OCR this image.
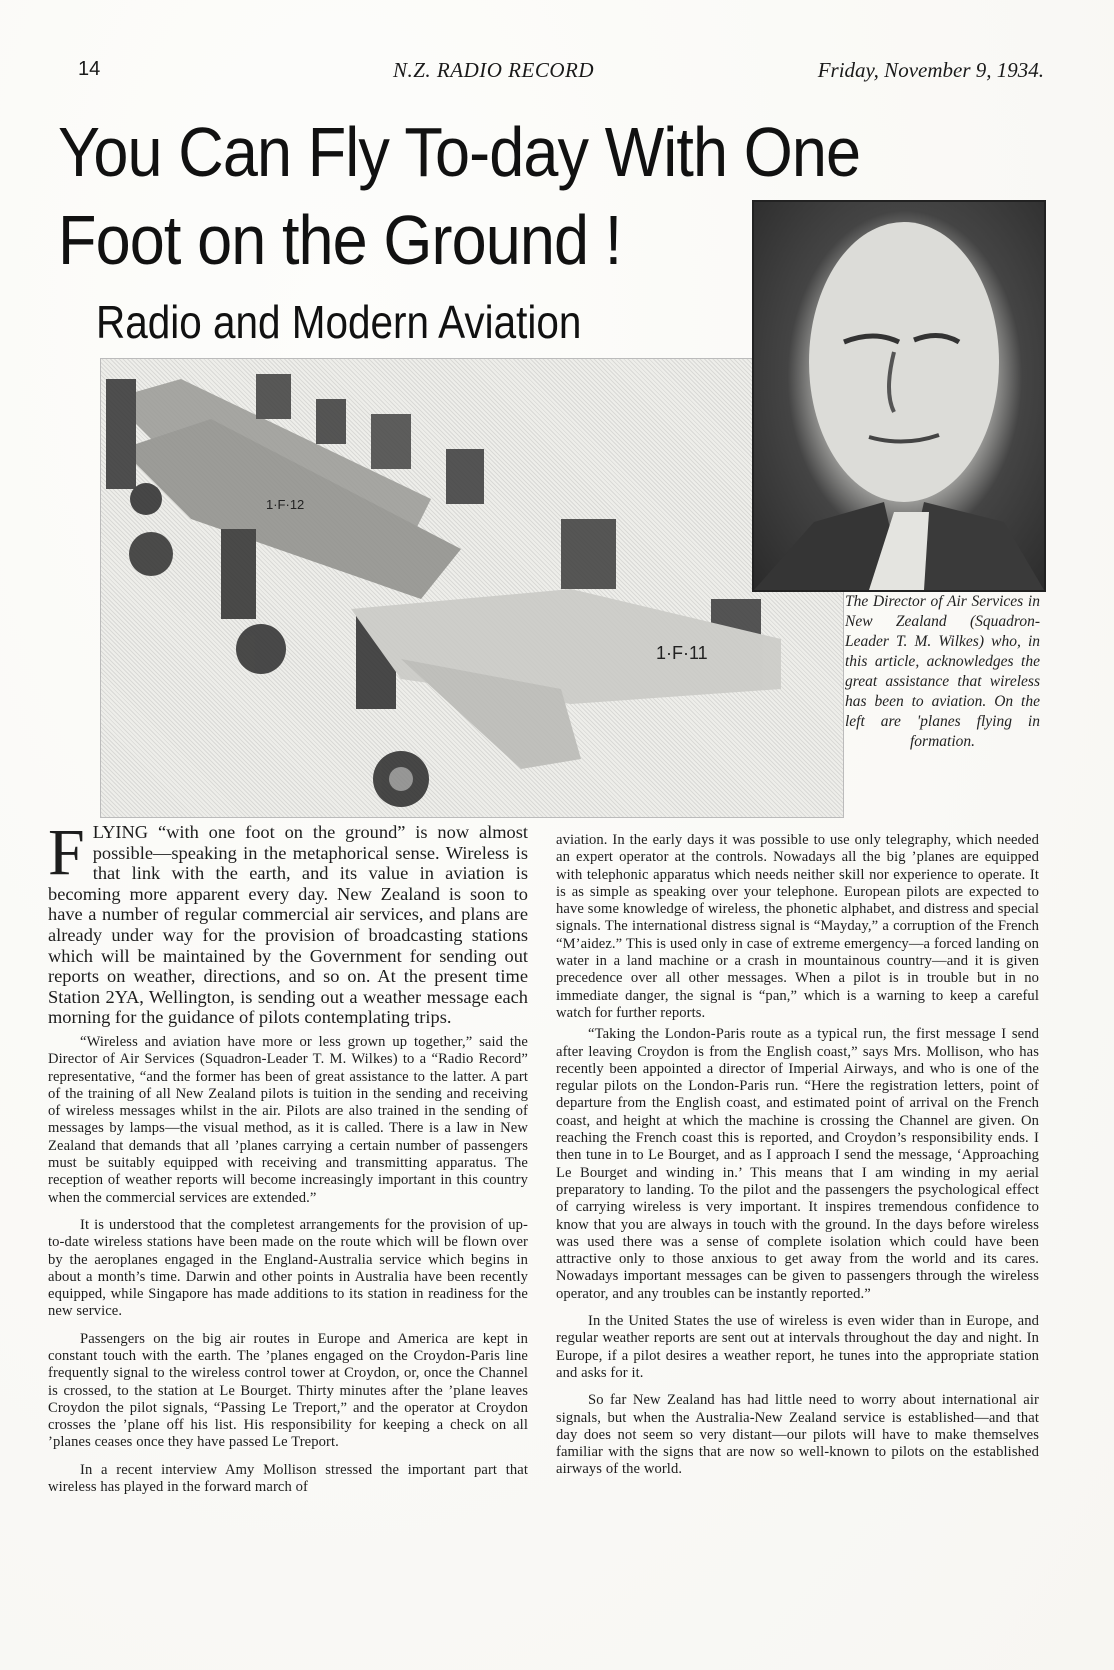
14	N.Z. RADIO RECORD	Friday, November 9, 1934.
You Can Fly To-day With One
Foot on the Ground !
Radio and Modern Aviation
1·F·11
1·F·12
The Director of Air Services in New Zealand (Squadron-Leader T. M. Wilkes) who, in this article, acknowledges the great assistance that wireless has been to aviation. On the left are 'planes flying in formation.

FLYING “with one foot on the ground” is now almost possible—speaking in the metaphorical sense. Wireless is that link with the earth, and its value in aviation is becoming more apparent every day. New Zealand is soon to have a number of regular commercial air services, and plans are already under way for the provision of broadcasting stations which will be maintained by the Government for sending out reports on weather, directions, and so on. At the present time Station 2YA, Wellington, is sending out a weather message each morning for the guidance of pilots contemplating trips.

“Wireless and aviation have more or less grown up together,” said the Director of Air Services (Squadron-Leader T. M. Wilkes) to a “Radio Record” representative, “and the former has been of great assistance to the latter. A part of the training of all New Zealand pilots is tuition in the sending and receiving of wireless messages whilst in the air. Pilots are also trained in the sending of messages by lamps—the visual method, as it is called. There is a law in New Zealand that demands that all ’planes carrying a certain number of passengers must be suitably equipped with receiving and transmitting apparatus. The reception of weather reports will become increasingly important in this country when the commercial services are extended.”

It is understood that the completest arrangements for the provision of up-to-date wireless stations have been made on the route which will be flown over by the aeroplanes engaged in the England-Australia service which begins in about a month’s time. Darwin and other points in Australia have been recently equipped, while Singapore has made additions to its station in readiness for the new service.

Passengers on the big air routes in Europe and America are kept in constant touch with the earth. The ’planes engaged on the Croydon-Paris line frequently signal to the wireless control tower at Croydon, or, once the Channel is crossed, to the station at Le Bourget. Thirty minutes after the ’plane leaves Croydon the pilot signals, “Passing Le Treport,” and the operator at Croydon crosses the ’plane off his list. His responsibility for keeping a check on all ’planes ceases once they have passed Le Treport.

In a recent interview Amy Mollison stressed the important part that wireless has played in the forward march of

aviation. In the early days it was possible to use only telegraphy, which needed an expert operator at the controls. Nowadays all the big ’planes are equipped with telephonic apparatus which needs neither skill nor experience to operate. It is as simple as speaking over your telephone. European pilots are expected to have some knowledge of wireless, the phonetic alphabet, and distress and special signals. The international distress signal is “Mayday,” a corruption of the French “M’aidez.” This is used only in case of extreme emergency—a forced landing on water in a land machine or a crash in mountainous country—and it is given precedence over all other messages. When a pilot is in trouble but in no immediate danger, the signal is “pan,” which is a warning to keep a careful watch for further reports.

“Taking the London-Paris route as a typical run, the first message I send after leaving Croydon is from the English coast,” says Mrs. Mollison, who has recently been appointed a director of Imperial Airways, and who is one of the regular pilots on the London-Paris run. “Here the registration letters, point of departure from the English coast, and estimated point of arrival on the French coast, and height at which the machine is crossing the Channel are given. On reaching the French coast this is reported, and Croydon’s responsibility ends. I then tune in to Le Bourget, and as I approach I send the message, ‘Approaching Le Bourget and winding in.’ This means that I am winding in my aerial preparatory to landing. To the pilot and the passengers the psychological effect of carrying wireless is very important. It inspires tremendous confidence to know that you are always in touch with the ground. In the days before wireless was used there was a sense of complete isolation which could have been attractive only to those anxious to get away from the world and its cares. Nowadays important messages can be given to passengers through the wireless operator, and any troubles can be instantly reported.”

In the United States the use of wireless is even wider than in Europe, and regular weather reports are sent out at intervals throughout the day and night. In Europe, if a pilot desires a weather report, he tunes into the appropriate station and asks for it.

So far New Zealand has had little need to worry about international air signals, but when the Australia-New Zealand service is established—and that day does not seem so very distant—our pilots will have to make themselves familiar with the signs that are now so well-known to pilots on the established airways of the world.
